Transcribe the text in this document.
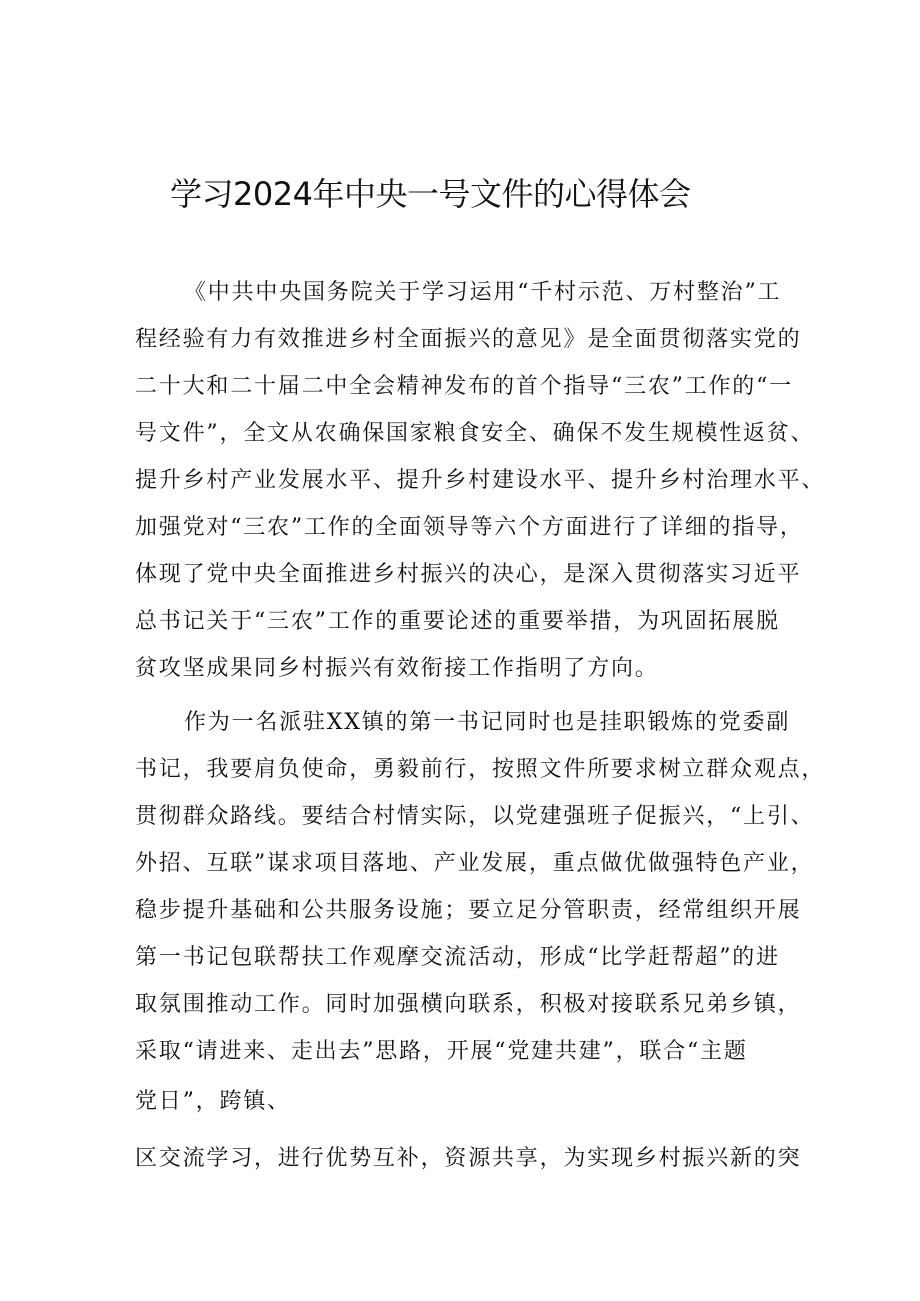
学习2024年中央一号文件的心得体会

《中共中央国务院关于学习运用“千村示范、万村整治”工

程经验有力有效推进乡村全面振兴的意见》是全面贯彻落实党的

二十大和二十届二中全会精神发布的首个指导“三农”工作的“一

号文件”，全文从农确保国家粮食安全、确保不发生规模性返贫、

提升乡村产业发展水平、提升乡村建设水平、提升乡村治理水平、

加强党对“三农”工作的全面领导等六个方面进行了详细的指导，

体现了党中央全面推进乡村振兴的决心，是深入贯彻落实习近平

总书记关于“三农”工作的重要论述的重要举措，为巩固拓展脱

贫攻坚成果同乡村振兴有效衔接工作指明了方向。

作为一名派驻XX镇的第一书记同时也是挂职锻炼的党委副

书记，我要肩负使命，勇毅前行，按照文件所要求树立群众观点，

贯彻群众路线。要结合村情实际，以党建强班子促振兴，“上引、

外招、互联”谋求项目落地、产业发展，重点做优做强特色产业，

稳步提升基础和公共服务设施；要立足分管职责，经常组织开展

第一书记包联帮扶工作观摩交流活动，形成“比学赶帮超”的进

取氛围推动工作。同时加强横向联系，积极对接联系兄弟乡镇，

采取“请进来、走出去”思路，开展“党建共建”，联合“主题

党日”，跨镇、

区交流学习，进行优势互补，资源共享，为实现乡村振兴新的突
